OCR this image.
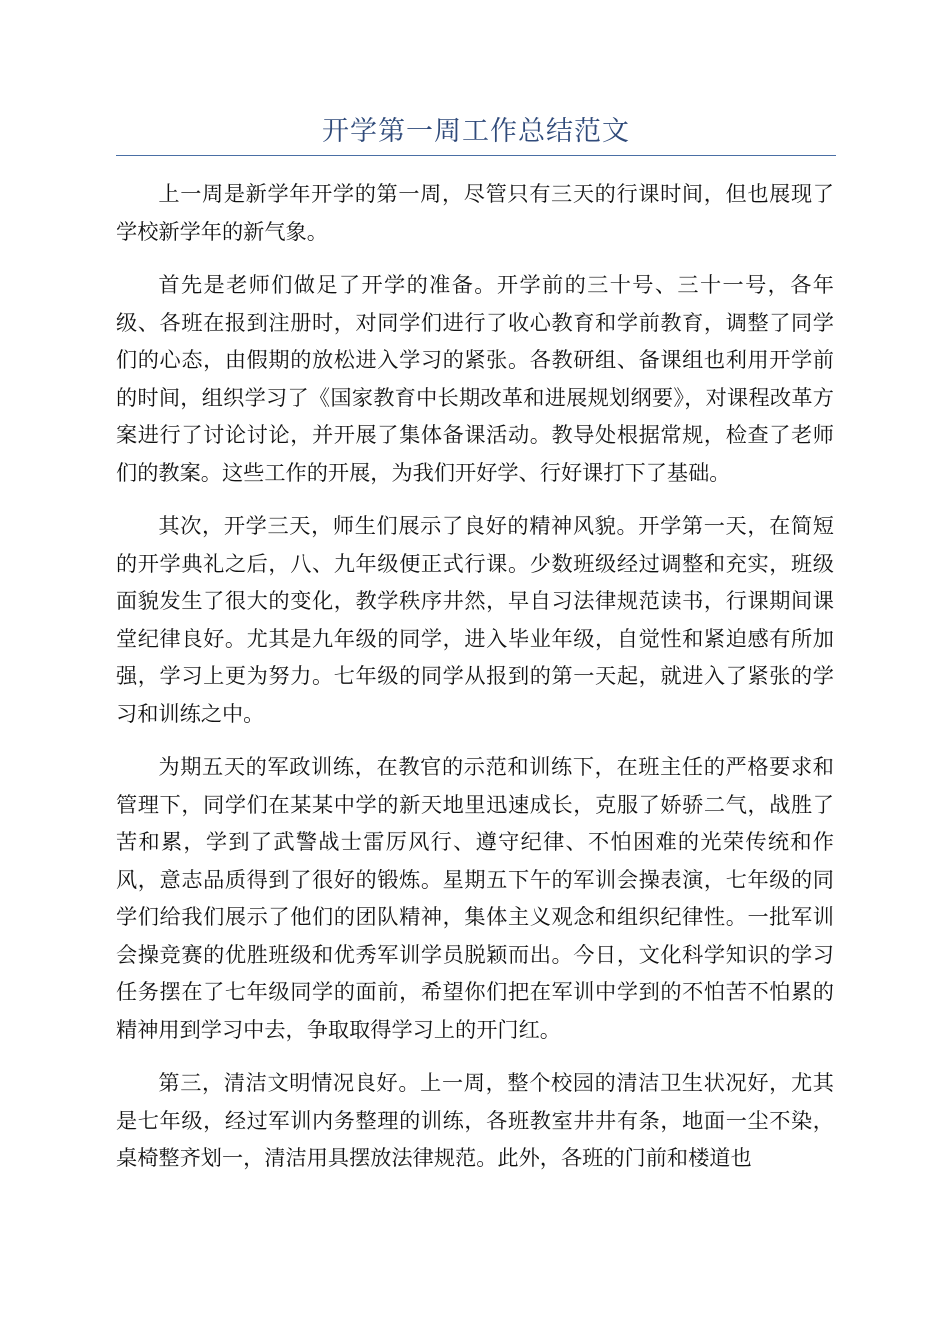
开学第一周工作总结范文

上一周是新学年开学的第一周，尽管只有三天的行课时间，但也展现了学校新学年的新气象。

首先是老师们做足了开学的准备。开学前的三十号、三十一号，各年级、各班在报到注册时，对同学们进行了收心教育和学前教育，调整了同学们的心态，由假期的放松进入学习的紧张。各教研组、备课组也利用开学前的时间，组织学习了《国家教育中长期改革和进展规划纲要》，对课程改革方案进行了讨论讨论，并开展了集体备课活动。教导处根据常规，检查了老师们的教案。这些工作的开展，为我们开好学、行好课打下了基础。

其次，开学三天，师生们展示了良好的精神风貌。开学第一天，在简短的开学典礼之后，八、九年级便正式行课。少数班级经过调整和充实，班级面貌发生了很大的变化，教学秩序井然，早自习法律规范读书，行课期间课堂纪律良好。尤其是九年级的同学，进入毕业年级，自觉性和紧迫感有所加强，学习上更为努力。七年级的同学从报到的第一天起，就进入了紧张的学习和训练之中。

为期五天的军政训练，在教官的示范和训练下，在班主任的严格要求和管理下，同学们在某某中学的新天地里迅速成长，克服了娇骄二气，战胜了苦和累，学到了武警战士雷厉风行、遵守纪律、不怕困难的光荣传统和作风，意志品质得到了很好的锻炼。星期五下午的军训会操表演，七年级的同学们给我们展示了他们的团队精神，集体主义观念和组织纪律性。一批军训会操竞赛的优胜班级和优秀军训学员脱颖而出。今日，文化科学知识的学习任务摆在了七年级同学的面前，希望你们把在军训中学到的不怕苦不怕累的精神用到学习中去，争取取得学习上的开门红。

第三，清洁文明情况良好。上一周，整个校园的清洁卫生状况好，尤其是七年级，经过军训内务整理的训练，各班教室井井有条，地面一尘不染，桌椅整齐划一，清洁用具摆放法律规范。此外，各班的门前和楼道也
